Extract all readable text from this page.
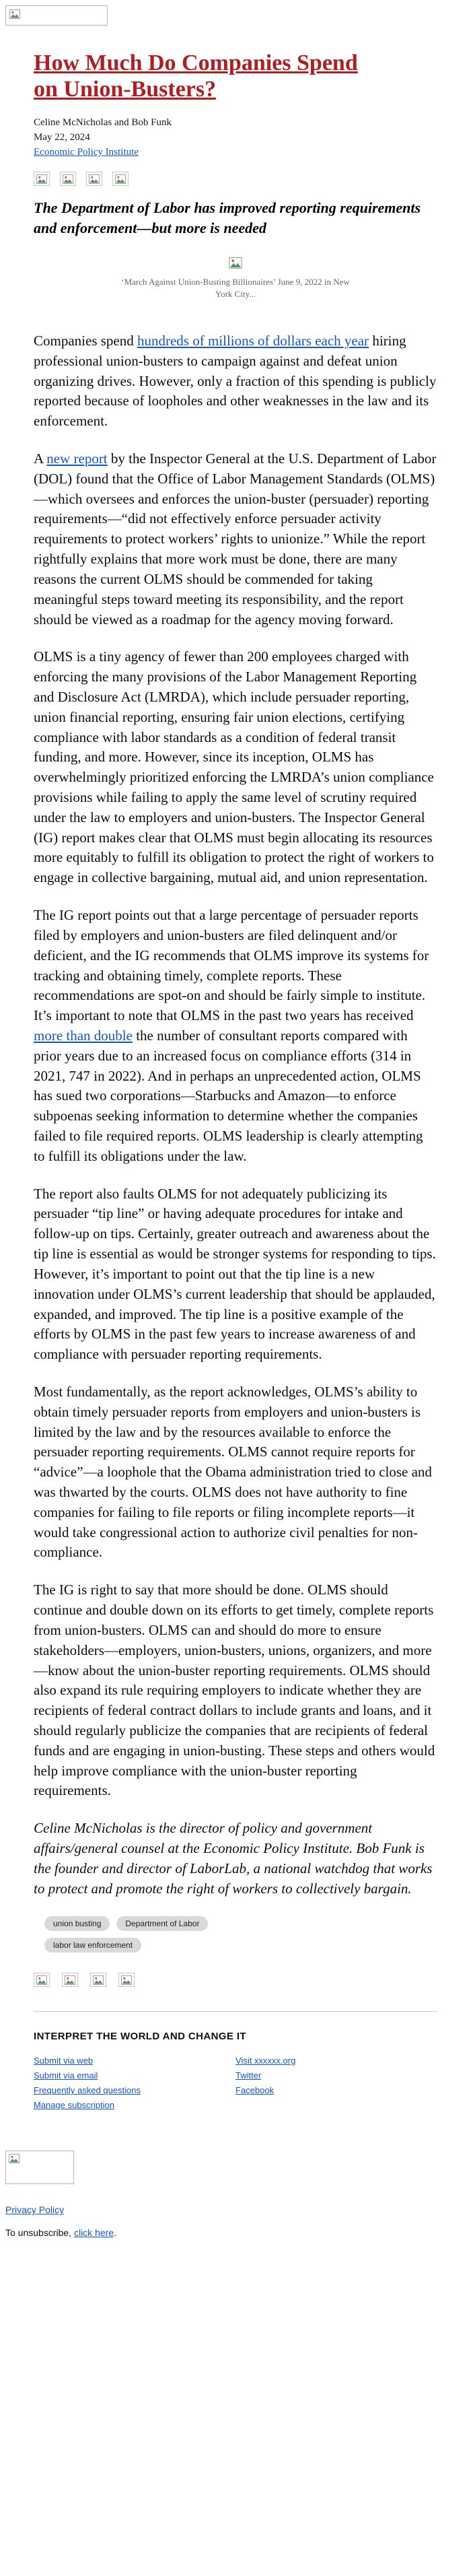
How Much Do Companies Spend on Union-Busters?
Celine McNicholas and Bob Funk
May 22, 2024
Economic Policy Institute

The Department of Labor has improved reporting requirements and enforcement—but more is needed

‘March Against Union-Busting Billionaires’ June 9, 2022 in New York City...

Companies spend hundreds of millions of dollars each year hiring professional union-busters to campaign against and defeat union organizing drives. However, only a fraction of this spending is publicly reported because of loopholes and other weaknesses in the law and its enforcement.

A new report by the Inspector General at the U.S. Department of Labor (DOL) found that the Office of Labor Management Standards (OLMS)—which oversees and enforces the union-buster (persuader) reporting requirements—“did not effectively enforce persuader activity requirements to protect workers’ rights to unionize.” While the report rightfully explains that more work must be done, there are many reasons the current OLMS should be commended for taking meaningful steps toward meeting its responsibility, and the report should be viewed as a roadmap for the agency moving forward.

OLMS is a tiny agency of fewer than 200 employees charged with enforcing the many provisions of the Labor Management Reporting and Disclosure Act (LMRDA), which include persuader reporting, union financial reporting, ensuring fair union elections, certifying compliance with labor standards as a condition of federal transit funding, and more. However, since its inception, OLMS has overwhelmingly prioritized enforcing the LMRDA’s union compliance provisions while failing to apply the same level of scrutiny required under the law to employers and union-busters. The Inspector General (IG) report makes clear that OLMS must begin allocating its resources more equitably to fulfill its obligation to protect the right of workers to engage in collective bargaining, mutual aid, and union representation.

The IG report points out that a large percentage of persuader reports filed by employers and union-busters are filed delinquent and/or deficient, and the IG recommends that OLMS improve its systems for tracking and obtaining timely, complete reports. These recommendations are spot-on and should be fairly simple to institute. It’s important to note that OLMS in the past two years has received more than double the number of consultant reports compared with prior years due to an increased focus on compliance efforts (314 in 2021, 747 in 2022). And in perhaps an unprecedented action, OLMS has sued two corporations—Starbucks and Amazon—to enforce subpoenas seeking information to determine whether the companies failed to file required reports. OLMS leadership is clearly attempting to fulfill its obligations under the law.

The report also faults OLMS for not adequately publicizing its persuader “tip line” or having adequate procedures for intake and follow-up on tips. Certainly, greater outreach and awareness about the tip line is essential as would be stronger systems for responding to tips. However, it’s important to point out that the tip line is a new innovation under OLMS’s current leadership that should be applauded, expanded, and improved. The tip line is a positive example of the efforts by OLMS in the past few years to increase awareness of and compliance with persuader reporting requirements.

Most fundamentally, as the report acknowledges, OLMS’s ability to obtain timely persuader reports from employers and union-busters is limited by the law and by the resources available to enforce the persuader reporting requirements. OLMS cannot require reports for “advice”—a loophole that the Obama administration tried to close and was thwarted by the courts. OLMS does not have authority to fine companies for failing to file reports or filing incomplete reports—it would take congressional action to authorize civil penalties for non-compliance.

The IG is right to say that more should be done. OLMS should continue and double down on its efforts to get timely, complete reports from union-busters. OLMS can and should do more to ensure stakeholders—employers, union-busters, unions, organizers, and more—know about the union-buster reporting requirements. OLMS should also expand its rule requiring employers to indicate whether they are recipients of federal contract dollars to include grants and loans, and it should regularly publicize the companies that are recipients of federal funds and are engaging in union-busting. These steps and others would help improve compliance with the union-buster reporting requirements.

Celine McNicholas is the director of policy and government affairs/general counsel at the Economic Policy Institute. Bob Funk is the founder and director of LaborLab, a national watchdog that works to protect and promote the right of workers to collectively bargain.

union busting	Department of Labor
labor law enforcement
INTERPRET THE WORLD AND CHANGE IT
Submit via web
Submit via email
Frequently asked questions
Manage subscription
Visit xxxxxx.org
Twitter
Facebook
Privacy Policy
To unsubscribe, click here.
